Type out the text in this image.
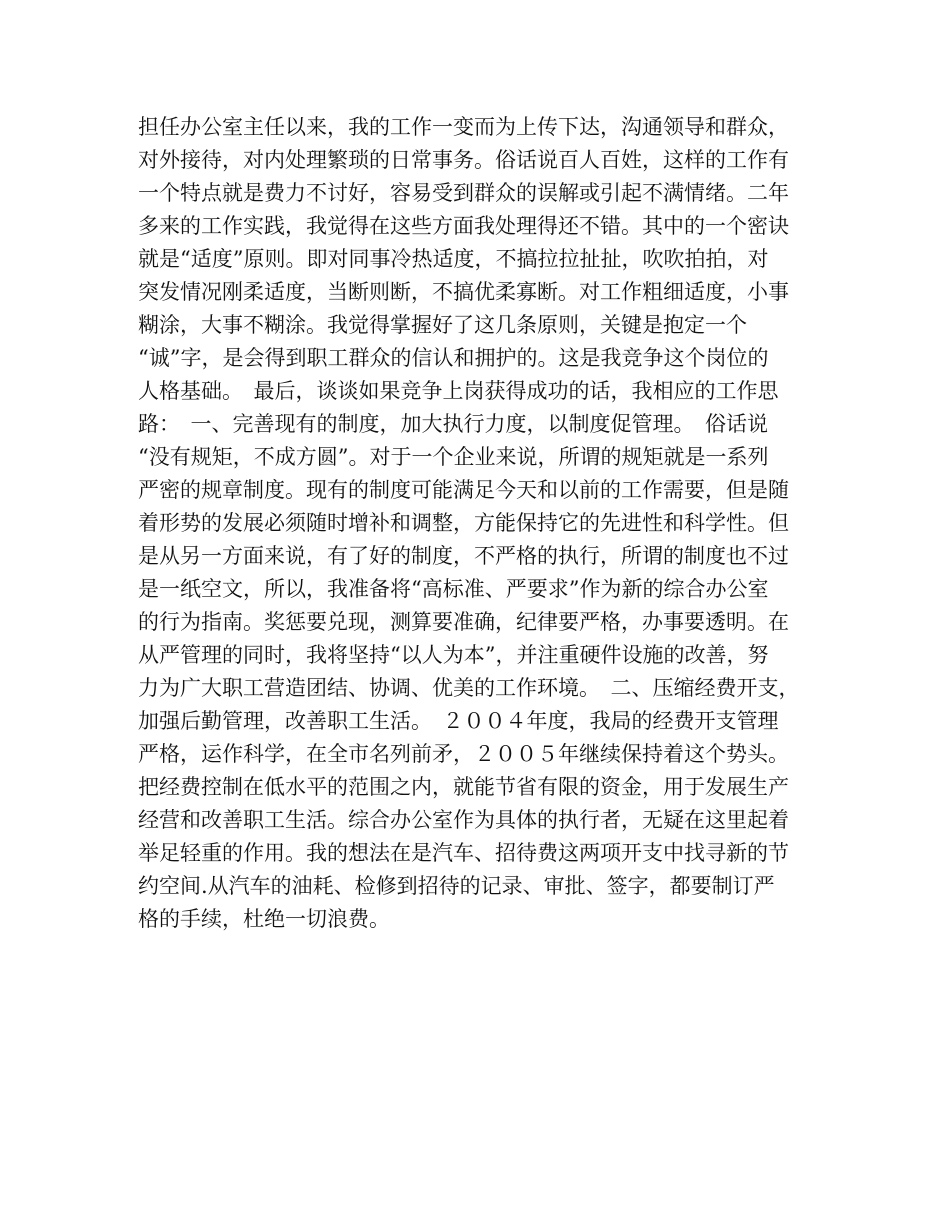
担任办公室主任以来，我的工作一变而为上传下达，沟通领导和群众，
对外接待，对内处理繁琐的日常事务。俗话说百人百姓，这样的工作有
一个特点就是费力不讨好，容易受到群众的误解或引起不满情绪。二年
多来的工作实践，我觉得在这些方面我处理得还不错。其中的一个密诀
就是“适度”原则。即对同事冷热适度，不搞拉拉扯扯，吹吹拍拍，对
突发情况刚柔适度，当断则断，不搞优柔寡断。对工作粗细适度，小事
糊涂，大事不糊涂。我觉得掌握好了这几条原则，关键是抱定一个
“诚”字，是会得到职工群众的信认和拥护的。这是我竞争这个岗位的
人格基础。　最后，谈谈如果竞争上岗获得成功的话，我相应的工作思
路：　一、完善现有的制度，加大执行力度，以制度促管理。　俗话说
“没有规矩，不成方圆”。对于一个企业来说，所谓的规矩就是一系列
严密的规章制度。现有的制度可能满足今天和以前的工作需要，但是随
着形势的发展必须随时增补和调整，方能保持它的先进性和科学性。但
是从另一方面来说，有了好的制度，不严格的执行，所谓的制度也不过
是一纸空文，所以，我准备将“高标准、严要求”作为新的综合办公室
的行为指南。奖惩要兑现，测算要准确，纪律要严格，办事要透明。在
从严管理的同时，我将坚持“以人为本”，并注重硬件设施的改善，努
力为广大职工营造团结、协调、优美的工作环境。　二、压缩经费开支，
加强后勤管理，改善职工生活。　２００４年度，我局的经费开支管理
严格，运作科学，在全市名列前矛，２００５年继续保持着这个势头。
把经费控制在低水平的范围之内，就能节省有限的资金，用于发展生产
经营和改善职工生活。综合办公室作为具体的执行者，无疑在这里起着
举足轻重的作用。我的想法在是汽车、招待费这两项开支中找寻新的节
约空间.从汽车的油耗、检修到招待的记录、审批、签字，都要制订严
格的手续，杜绝一切浪费。
